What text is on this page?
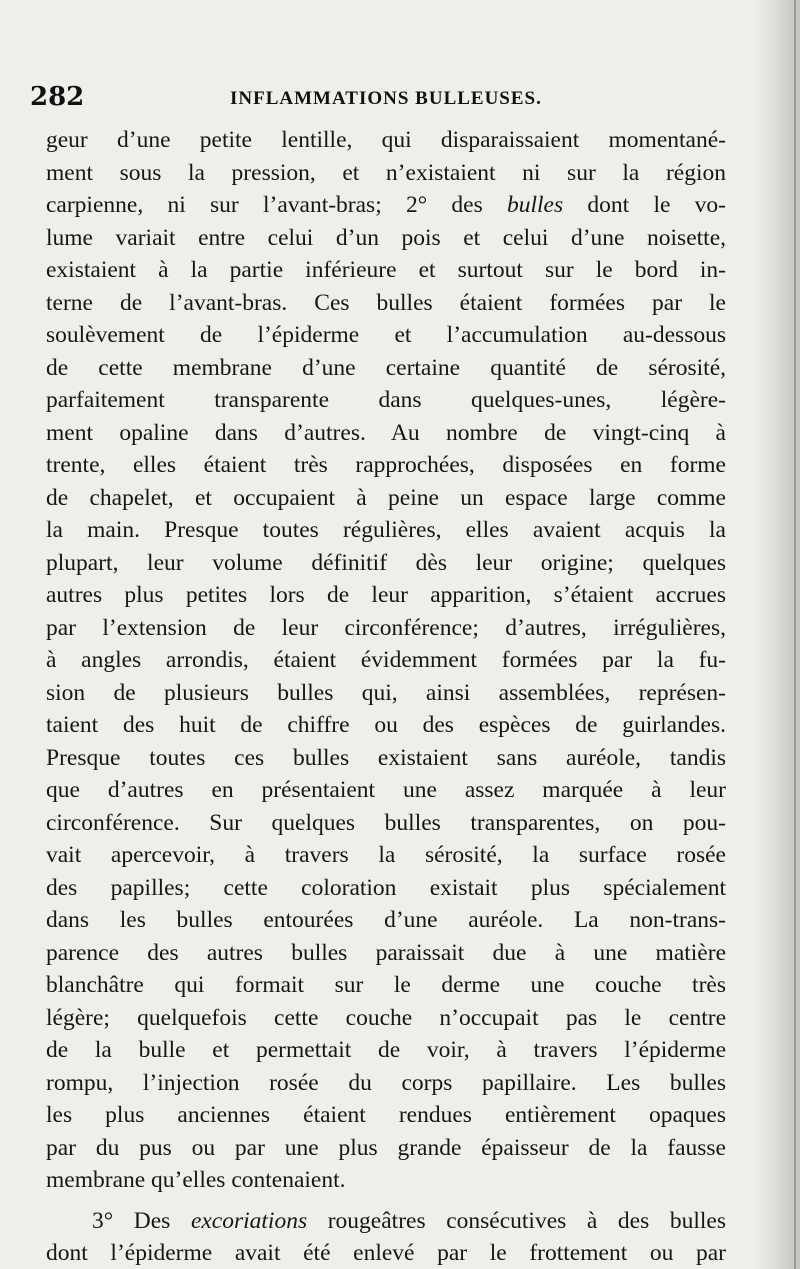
282	INFLAMMATIONS BULLEUSES.
geur d’une petite lentille, qui disparaissaient momentané-
ment sous la pression, et n’existaient ni sur la région
carpienne, ni sur l’avant-bras; 2° des bulles dont le vo-
lume variait entre celui d’un pois et celui d’une noisette,
existaient à la partie inférieure et surtout sur le bord in-
terne de l’avant-bras. Ces bulles étaient formées par le
soulèvement de l’épiderme et l’accumulation au-dessous
de cette membrane d’une certaine quantité de sérosité,
parfaitement transparente dans quelques-unes, légère-
ment opaline dans d’autres. Au nombre de vingt-cinq à
trente, elles étaient très rapprochées, disposées en forme
de chapelet, et occupaient à peine un espace large comme
la main. Presque toutes régulières, elles avaient acquis la
plupart, leur volume définitif dès leur origine; quelques
autres plus petites lors de leur apparition, s’étaient accrues
par l’extension de leur circonférence; d’autres, irrégulières,
à angles arrondis, étaient évidemment formées par la fu-
sion de plusieurs bulles qui, ainsi assemblées, représen-
taient des huit de chiffre ou des espèces de guirlandes.
Presque toutes ces bulles existaient sans auréole, tandis
que d’autres en présentaient une assez marquée à leur
circonférence. Sur quelques bulles transparentes, on pou-
vait apercevoir, à travers la sérosité, la surface rosée
des papilles; cette coloration existait plus spécialement
dans les bulles entourées d’une auréole. La non-trans-
parence des autres bulles paraissait due à une matière
blanchâtre qui formait sur le derme une couche très
légère; quelquefois cette couche n’occupait pas le centre
de la bulle et permettait de voir, à travers l’épiderme
rompu, l’injection rosée du corps papillaire. Les bulles
les plus anciennes étaient rendues entièrement opaques
par du pus ou par une plus grande épaisseur de la fausse
membrane qu’elles contenaient.
3° Des excoriations rougeâtres consécutives à des bulles
dont l’épiderme avait été enlevé par le frottement ou par
